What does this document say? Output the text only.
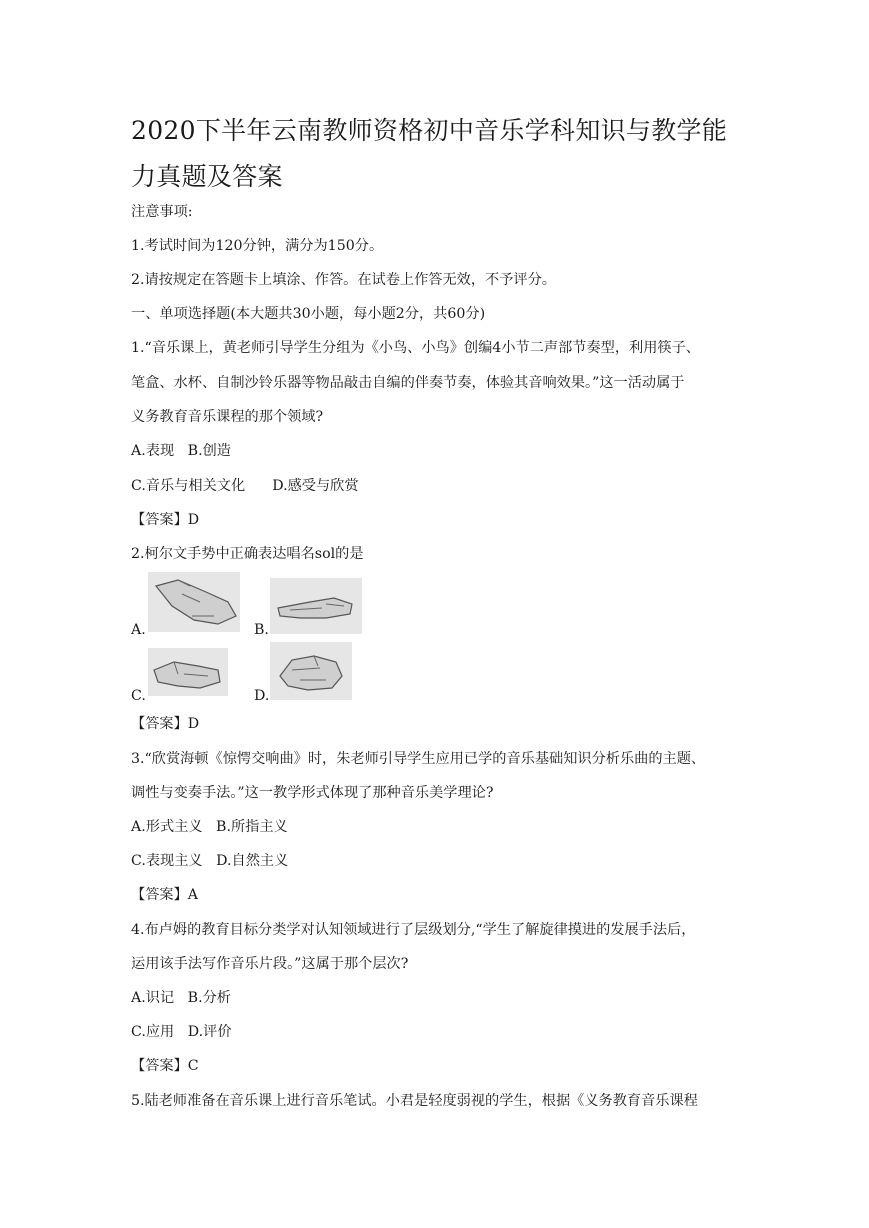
2020下半年云南教师资格初中音乐学科知识与教学能力真题及答案
注意事项:
1.考试时间为120分钟，满分为150分。
2.请按规定在答题卡上填涂、作答。在试卷上作答无效，不予评分。
一、单项选择题(本大题共30小题，每小题2分，共60分)
1.“音乐课上，黄老师引导学生分组为《小鸟、小鸟》创编4小节二声部节奏型，利用筷子、
笔盒、水杯、自制沙铃乐器等物品敲击自编的伴奏节奏，体验其音响效果。”这一活动属于
义务教育音乐课程的那个领域?
A.表现   B.创造
C.音乐与相关文化      D.感受与欣赏
【答案】D
2.柯尔文手势中正确表达唱名sol的是
A.	B.
C.	D.
【答案】D
3.“欣赏海顿《惊愕交响曲》时，朱老师引导学生应用已学的音乐基础知识分析乐曲的主题、
调性与变奏手法。”这一教学形式体现了那种音乐美学理论?
A.形式主义   B.所指主义
C.表现主义   D.自然主义
【答案】A
4.布卢姆的教育目标分类学对认知领域进行了层级划分,“学生了解旋律摸进的发展手法后，
运用该手法写作音乐片段。”这属于那个层次?
A.识记   B.分析
C.应用   D.评价
【答案】C
5.陆老师准备在音乐课上进行音乐笔试。小君是轻度弱视的学生，根据《义务教育音乐课程
